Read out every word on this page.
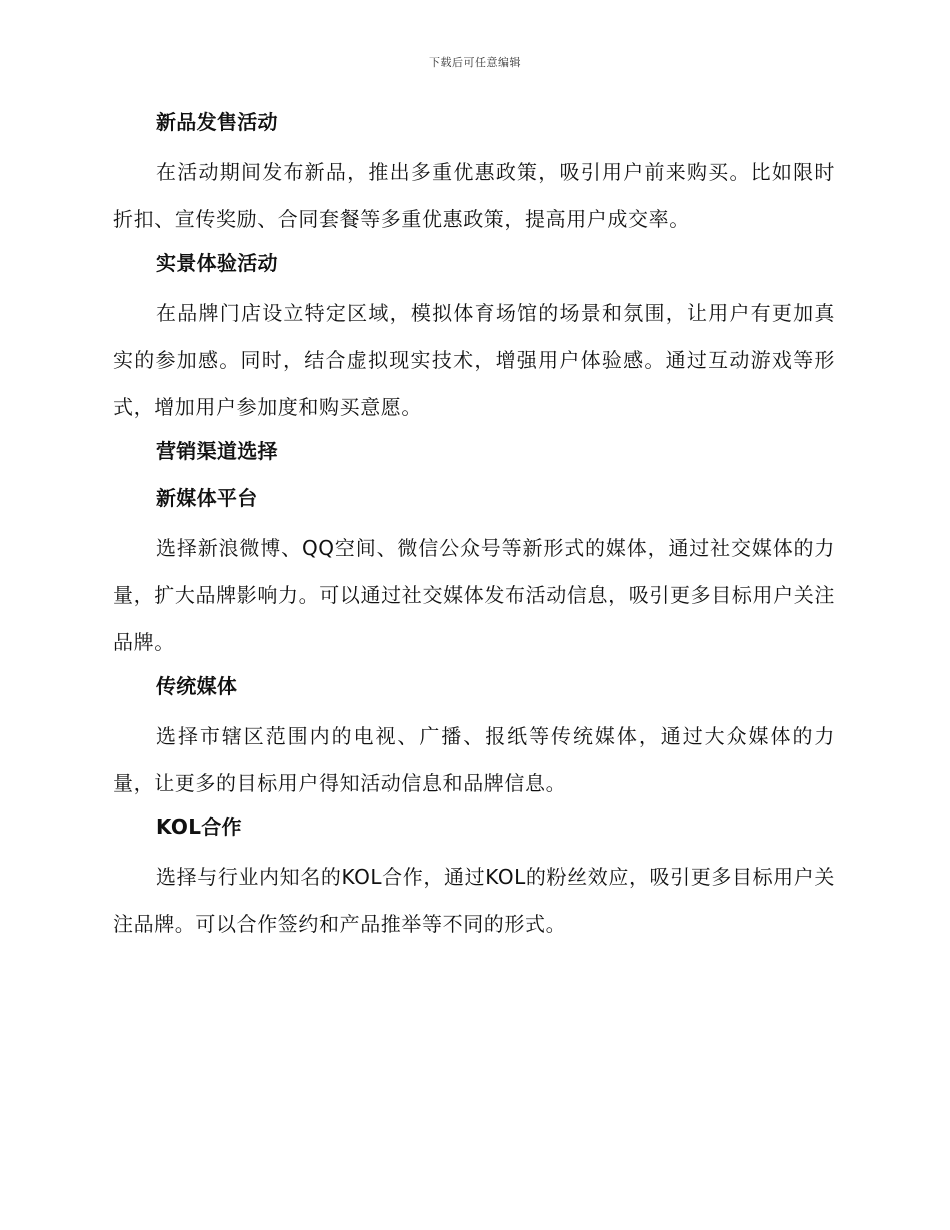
下载后可任意编辑
新品发售活动

在活动期间发布新品，推出多重优惠政策，吸引用户前来购买。比如限时折扣、宣传奖励、合同套餐等多重优惠政策，提高用户成交率。

实景体验活动

在品牌门店设立特定区域，模拟体育场馆的场景和氛围，让用户有更加真实的参加感。同时，结合虚拟现实技术，增强用户体验感。通过互动游戏等形式，增加用户参加度和购买意愿。

营销渠道选择
新媒体平台

选择新浪微博、QQ空间、微信公众号等新形式的媒体，通过社交媒体的力量，扩大品牌影响力。可以通过社交媒体发布活动信息，吸引更多目标用户关注品牌。

传统媒体

选择市辖区范围内的电视、广播、报纸等传统媒体，通过大众媒体的力量，让更多的目标用户得知活动信息和品牌信息。

KOL合作

选择与行业内知名的KOL合作，通过KOL的粉丝效应，吸引更多目标用户关注品牌。可以合作签约和产品推举等不同的形式。
